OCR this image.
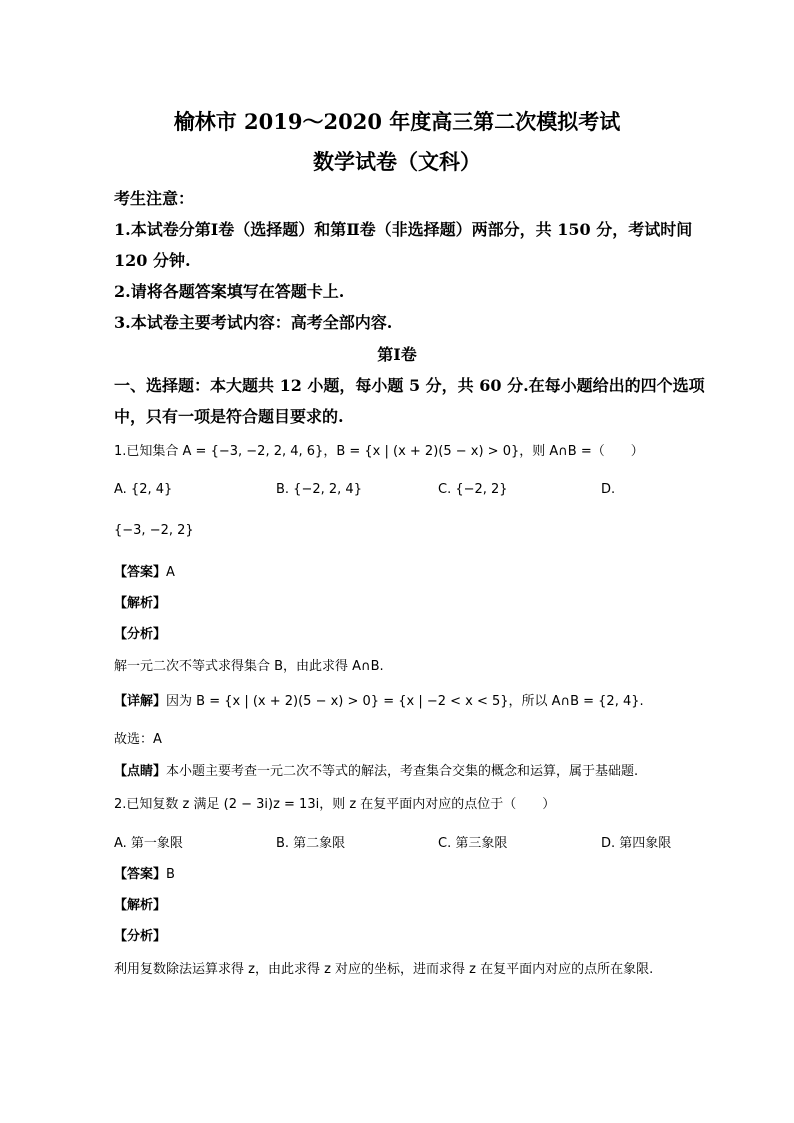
榆林市 2019～2020 年度高三第二次模拟考试
数学试卷（文科）
考生注意：
1.本试卷分第Ⅰ卷（选择题）和第Ⅱ卷（非选择题）两部分，共 150 分，考试时间
120 分钟.
2.请将各题答案填写在答题卡上.
3.本试卷主要考试内容：高考全部内容.
第Ⅰ卷
一、选择题：本大题共 12 小题，每小题 5 分，共 60 分.在每小题给出的四个选项
中，只有一项是符合题目要求的.
1.已知集合 A = {−3, −2, 2, 4, 6}，B = {x | (x + 2)(5 − x) > 0}，则 A∩B =（　　）
A. {2, 4}	B. {−2, 2, 4}	C. {−2, 2}	D.
{−3, −2, 2}
【答案】A
【解析】
【分析】
解一元二次不等式求得集合 B，由此求得 A∩B.
【详解】因为 B = {x | (x + 2)(5 − x) > 0} = {x | −2 < x < 5}，所以 A∩B = {2, 4}.
故选：A
【点睛】本小题主要考查一元二次不等式的解法，考查集合交集的概念和运算，属于基础题.
2.已知复数 z 满足 (2 − 3i)z = 13i，则 z 在复平面内对应的点位于（　　）
A. 第一象限	B. 第二象限	C. 第三象限	D. 第四象限
【答案】B
【解析】
【分析】
利用复数除法运算求得 z，由此求得 z 对应的坐标，进而求得 z 在复平面内对应的点所在象限.
